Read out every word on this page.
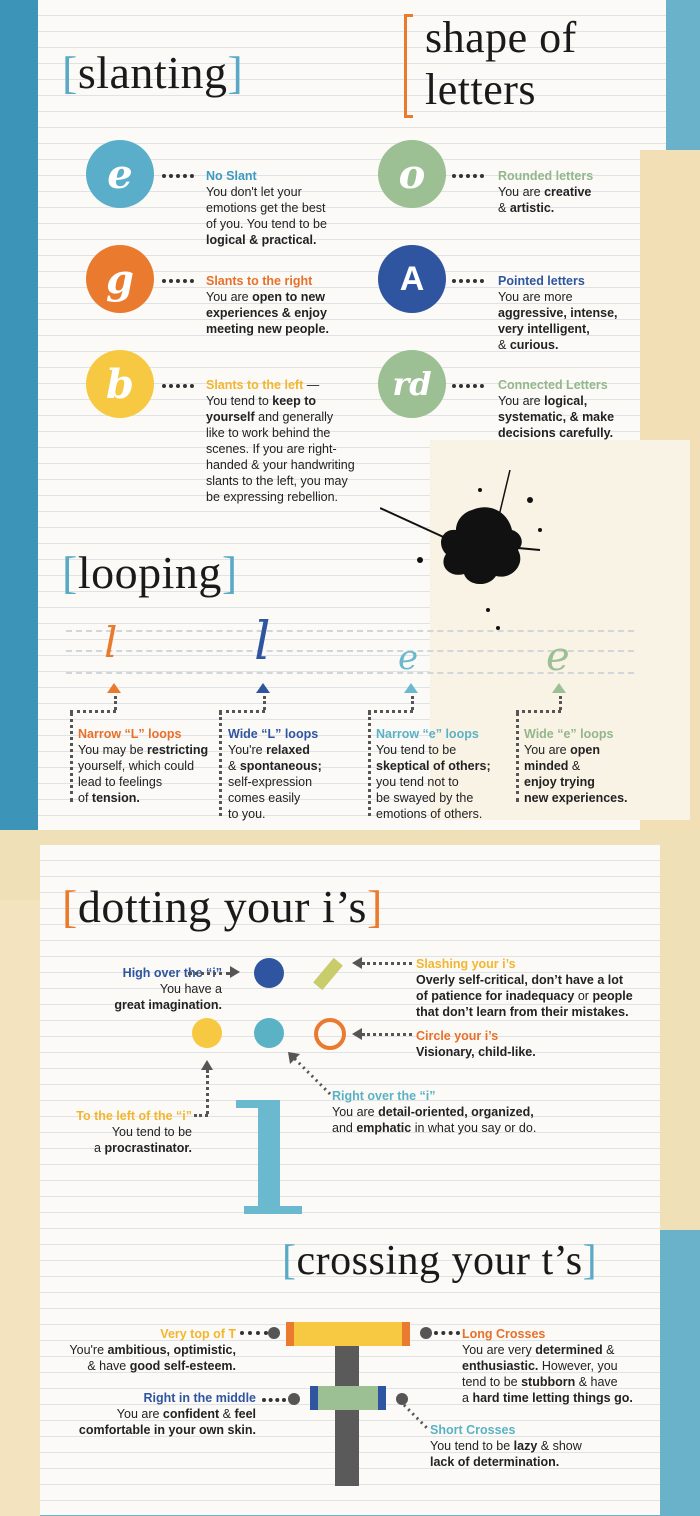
[slanting]
e	No Slant
You don't let your
emotions get the best
of you. You tend to be
logical & practical.
g	Slants to the right
You are open to new
experiences & enjoy
meeting new people.
b	Slants to the left —
You tend to keep to
yourself and generally
like to work behind the
scenes. If you are right-
handed & your handwriting
slants to the left, you may
be expressing rebellion.
shape of
letters
o	Rounded letters
You are creative
& artistic.
A	Pointed letters
You are more
aggressive, intense,
very intelligent,
& curious.
rd	Connected Letters
You are logical,
systematic, & make
decisions carefully.
[looping]
l	l	e	e
Narrow “L” loops
You may be restricting
yourself, which could
lead to feelings
of tension.
Wide “L” loops
You're relaxed
& spontaneous;
self-expression
comes easily
to you.
Narrow “e” loops
You tend to be
skeptical of others;
you tend not to
be swayed by the
emotions of others.
Wide “e” loops
You are open
minded &
enjoy trying
new experiences.
[dotting your i’s]
High over the “i”
You have a
great imagination.
Slashing your i’s
Overly self-critical, don’t have a lot
of patience for inadequacy or people
that don’t learn from their mistakes.
Circle your i’s
Visionary, child-like.
Right over the “i”
You are detail-oriented, organized,
and emphatic in what you say or do.
To the left of the “i”
You tend to be
a procrastinator.
[crossing your t’s]
Very top of T
You're ambitious, optimistic,
& have good self-esteem.
Long Crosses
You are very determined &
enthusiastic. However, you
tend to be stubborn & have
a hard time letting things go.
Right in the middle
You are confident & feel
comfortable in your own skin.	Short Crosses
You tend to be lazy & show
lack of determination.
